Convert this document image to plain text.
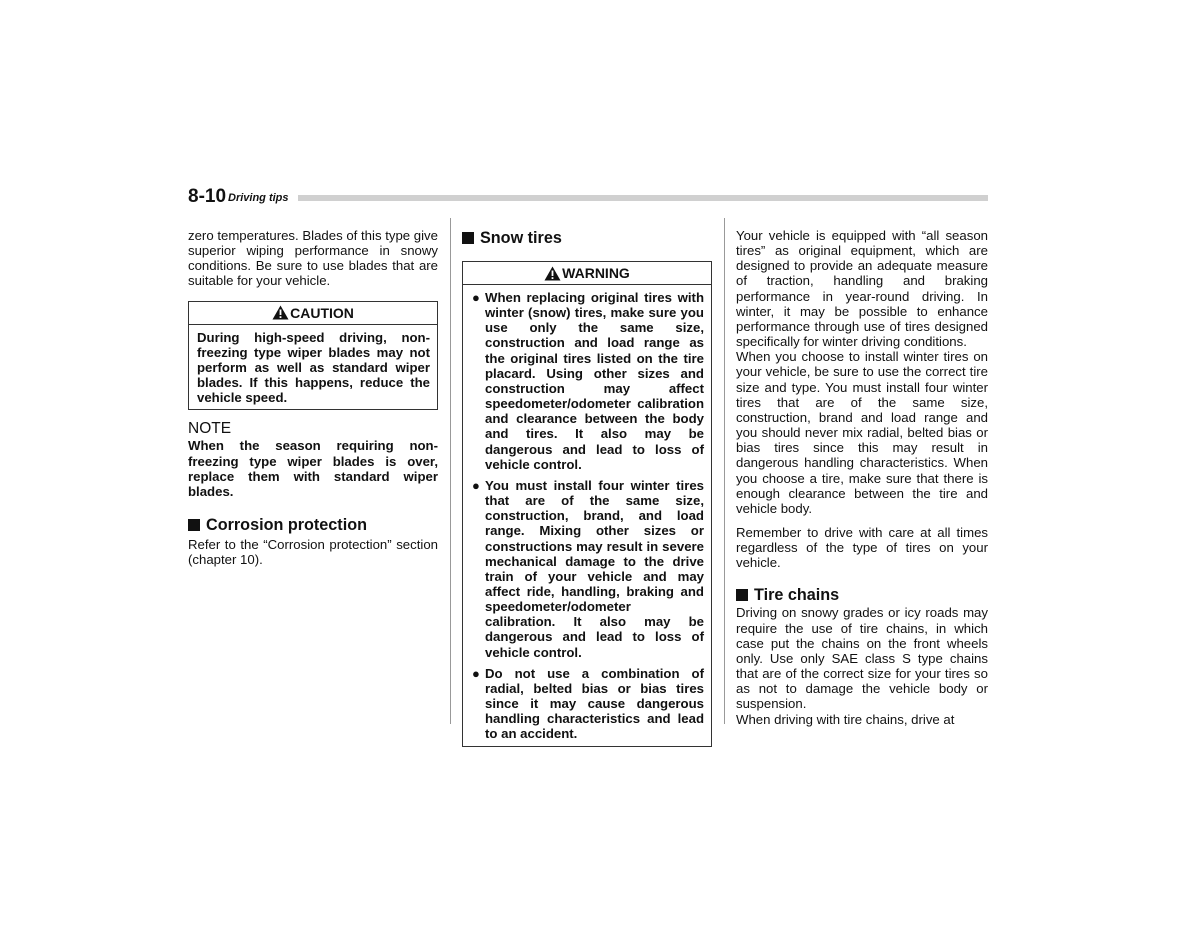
8-10 Driving tips

zero temperatures. Blades of this type give superior wiping performance in snowy conditions. Be sure to use blades that are suitable for your vehicle.

CAUTION

During high-speed driving, non-freezing type wiper blades may not perform as well as standard wiper blades. If this happens, reduce the vehicle speed.

NOTE

When the season requiring non-freezing type wiper blades is over, replace them with standard wiper blades.

Corrosion protection

Refer to the “Corrosion protection” section (chapter 10).

Snow tires
WARNING
● When replacing original tires with winter (snow) tires, make sure you use only the same size, construction and load range as the original tires listed on the tire placard. Using other sizes and construction may affect speedometer/odometer calibration and clearance between the body and tires. It also may be dangerous and lead to loss of vehicle control.

● You must install four winter tires that are of the same size, construction, brand, and load range. Mixing other sizes or constructions may result in severe mechanical damage to the drive train of your vehicle and may affect ride, handling, braking and speedometer/odometer calibration. It also may be dangerous and lead to loss of vehicle control.

● Do not use a combination of radial, belted bias or bias tires since it may cause dangerous handling characteristics and lead to an accident.

Your vehicle is equipped with “all season tires” as original equipment, which are designed to provide an adequate measure of traction, handling and braking performance in year-round driving. In winter, it may be possible to enhance performance through use of tires designed specifically for winter driving conditions.

When you choose to install winter tires on your vehicle, be sure to use the correct tire size and type. You must install four winter tires that are of the same size, construction, brand and load range and you should never mix radial, belted bias or bias tires since this may result in dangerous handling characteristics. When you choose a tire, make sure that there is enough clearance between the tire and vehicle body.

Remember to drive with care at all times regardless of the type of tires on your vehicle.

Tire chains

Driving on snowy grades or icy roads may require the use of tire chains, in which case put the chains on the front wheels only. Use only SAE class S type chains that are of the correct size for your tires so as not to damage the vehicle body or suspension.

When driving with tire chains, drive at
